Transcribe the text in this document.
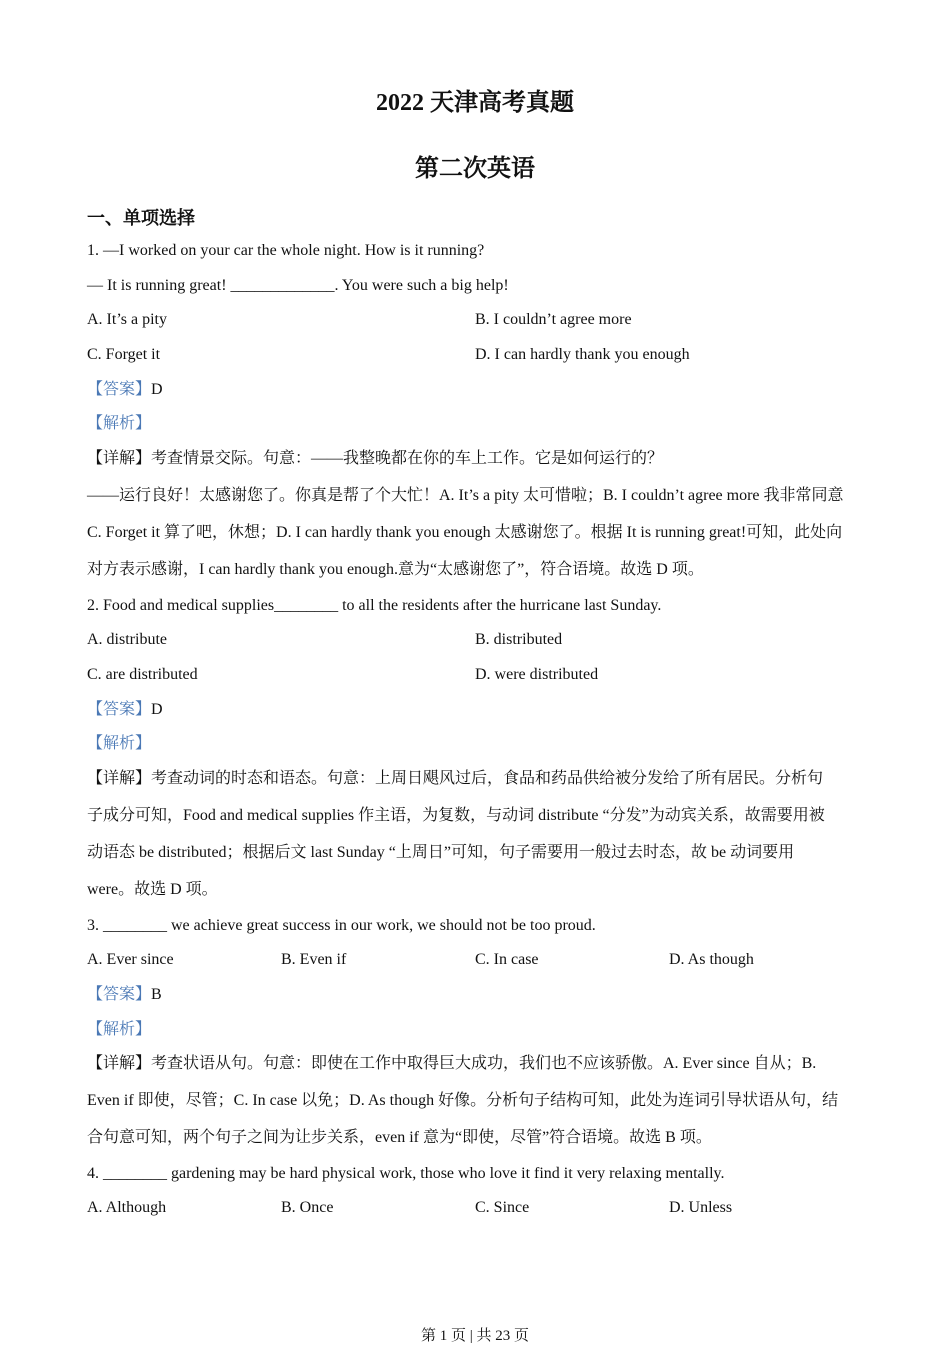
2022 天津高考真题
第二次英语
一、单项选择
1. —I worked on your car the whole night. How is it running?
— It is running great! _____________. You were such a big help!
A. It’s a pity	B. I couldn’t agree more
C. Forget it	D. I can hardly thank you enough
【答案】D
【解析】
【详解】考查情景交际。句意：——我整晚都在你的车上工作。它是如何运行的？
——运行良好！太感谢您了。你真是帮了个大忙！A. It’s a pity 太可惜啦；B. I couldn’t agree more 我非常同意
C. Forget it 算了吧，休想；D. I can hardly thank you enough 太感谢您了。根据 It is running great!可知，此处向
对方表示感谢，I can hardly thank you enough.意为“太感谢您了”，符合语境。故选 D 项。
2. Food and medical supplies________ to all the residents after the hurricane last Sunday.
A. distribute	B. distributed
C. are distributed	D. were distributed
【答案】D
【解析】
【详解】考查动词的时态和语态。句意：上周日飓风过后，食品和药品供给被分发给了所有居民。分析句
子成分可知，Food and medical supplies 作主语，为复数，与动词 distribute “分发”为动宾关系，故需要用被
动语态 be distributed；根据后文 last Sunday “上周日”可知，句子需要用一般过去时态，故 be 动词要用
were。故选 D 项。
3. ________ we achieve great success in our work, we should not be too proud.
A. Ever since	B. Even if	C. In case	D. As though
【答案】B
【解析】
【详解】考查状语从句。句意：即使在工作中取得巨大成功，我们也不应该骄傲。A. Ever since 自从；B.
Even if 即使，尽管；C. In case 以免；D. As though 好像。分析句子结构可知，此处为连词引导状语从句，结
合句意可知，两个句子之间为让步关系，even if 意为“即使，尽管”符合语境。故选 B 项。
4. ________ gardening may be hard physical work, those who love it find it very relaxing mentally.
A. Although	B. Once	C. Since	D. Unless
第 1 页 | 共 23 页
